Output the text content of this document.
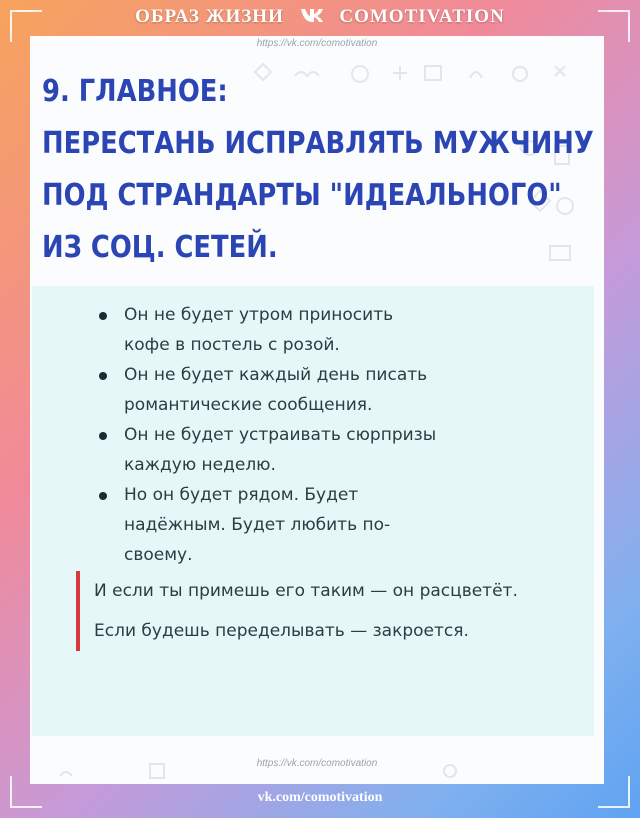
ОБРАЗ ЖИЗНИ	COMOTIVATION
https://vk.com/comotivation
9. ГЛАВНОЕ:
ПЕРЕСТАНЬ ИСПРАВЛЯТЬ МУЖЧИНУ
ПОД СТРАНДАРТЫ "ИДЕАЛЬНОГО"
ИЗ СОЦ. СЕТЕЙ.
Он не будет утром приносить кофе в постель с розой.
Он не будет каждый день писать романтические сообщения.
Он не будет устраивать сюрпризы каждую неделю.
Но он будет рядом. Будет надёжным. Будет любить по-своему.
И если ты примешь его таким — он расцветёт. Если будешь переделывать — закроется.
https://vk.com/comotivation
vk.com/comotivation
